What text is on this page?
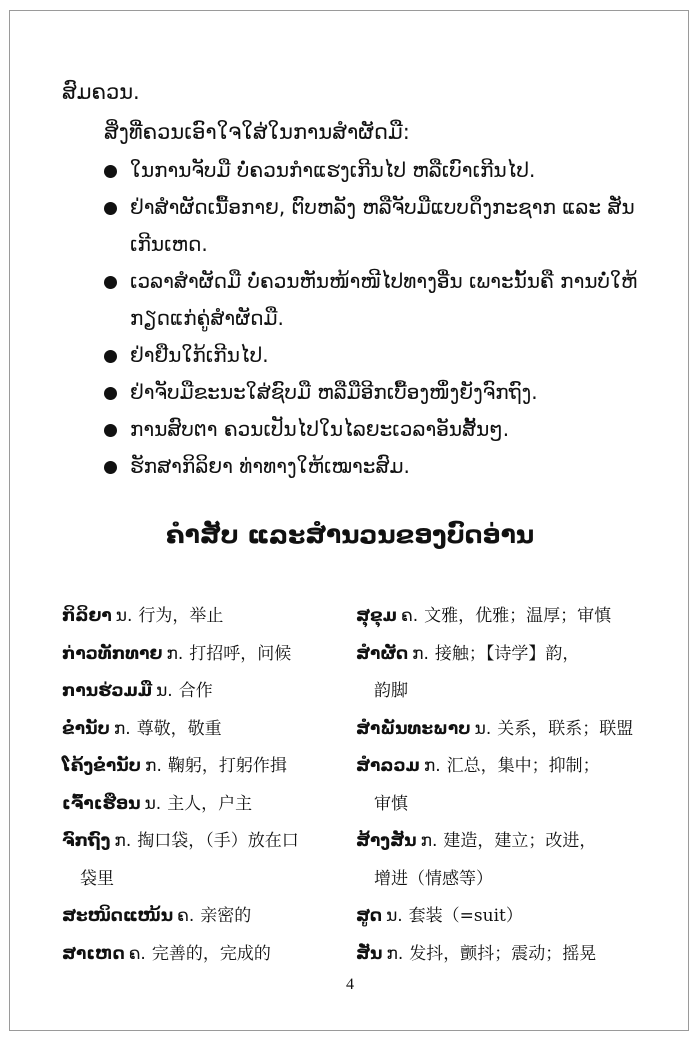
ສົມຄວນ.
ສິ່ງທີ່ຄວນເອົາໃຈໃສ່ໃນການສຳຜັດມື:
ໃນການຈັບມື ບໍ່ຄວນກຳແຮງເກີນໄປ ຫລືເບົາເກີນໄປ.
ຢ່າສຳຜັດເນື້ອກາຍ, ຕົບຫລັງ ຫລືຈັບມືແບບດຶງກະຊາກ ແລະ ສັ່ນເກີນເຫດ.
ເວລາສຳຜັດມື ບໍ່ຄວນຫັນໜ້າໜີໄປທາງອື່ນ ເພາະນັ້ນຄື ການບໍ່ໃຫ້ກຽດແກ່ຄູ່ສຳຜັດມື.
ຢ່າຢືນໃກ້ເກີນໄປ.
ຢ່າຈັບມືຂະນະໃສ່ຊົບມື ຫລືມືອີກເບື້ອງໜຶ່ງຍັງຈົກຖົງ.
ການສົບຕາ ຄວນເປັນໄປໃນໄລຍະເວລາອັນສັ້ນໆ.
ຮັກສາກິລິຍາ ທ່າທາງໃຫ້ເໝາະສົມ.
ຄຳສັບ ແລະສຳນວນຂອງບົດອ່ານ
ກິລິຍາ ນ. 行为，举止
ກ່າວທັກທາຍ ກ. 打招呼，问候
ການຮ່ວມມື ນ. 合作
ຂ່ຳນັບ ກ. 尊敬，敬重
ໂຄ້ງຂ່ຳນັບ ກ. 鞠躬，打躬作揖
ເຈົ້າເຮືອນ ນ. 主人，户主
ຈົກຖົງ ກ. 掏口袋，（手）放在口
袋里
ສະໜິດແໜ້ນ ຄ. 亲密的
ສາເຫດ ຄ. 完善的，完成的
ສຸຂຸມ ຄ. 文雅，优雅；温厚；审慎
ສຳຜັດ ກ. 接触；【诗学】韵，
韵脚
ສຳພັນທະພາບ ນ. 关系，联系；联盟
ສຳລວມ ກ. 汇总，集中；抑制；
审慎
ສ້າງສັນ ກ. 建造，建立；改进，
增进（情感等）
ສູດ ນ. 套装（=suit）
ສັ່ນ ກ. 发抖，颤抖；震动；摇晃
4
